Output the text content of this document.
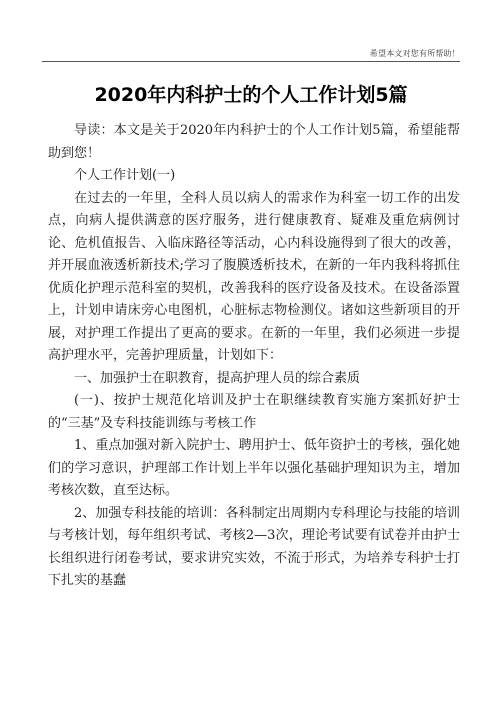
希望本文对您有所帮助！
2020年内科护士的个人工作计划5篇

导读：本文是关于2020年内科护士的个人工作计划5篇，希望能帮助到您！

个人工作计划(一)

在过去的一年里，全科人员以病人的需求作为科室一切工作的出发点，向病人提供满意的医疗服务，进行健康教育、疑难及重危病例讨论、危机值报告、入临床路径等活动，心内科设施得到了很大的改善，并开展血液透析新技术;学习了腹膜透析技术，在新的一年内我科将抓住优质化护理示范科室的契机，改善我科的医疗设备及技术。在设备添置上，计划申请床旁心电图机，心脏标志物检测仪。诸如这些新项目的开展，对护理工作提出了更高的要求。在新的一年里，我们必须进一步提高护理水平，完善护理质量，计划如下：

一、加强护士在职教育，提高护理人员的综合素质

(一)、按护士规范化培训及护士在职继续教育实施方案抓好护士的“三基”及专科技能训练与考核工作

1、重点加强对新入院护士、聘用护士、低年资护士的考核，强化她们的学习意识，护理部工作计划上半年以强化基础护理知识为主，增加考核次数，直至达标。

2、加强专科技能的培训：各科制定出周期内专科理论与技能的培训与考核计划，每年组织考试、考核2—3次，理论考试要有试卷并由护士长组织进行闭卷考试，要求讲究实效，不流于形式，为培养专科护士打下扎实的基蠢
